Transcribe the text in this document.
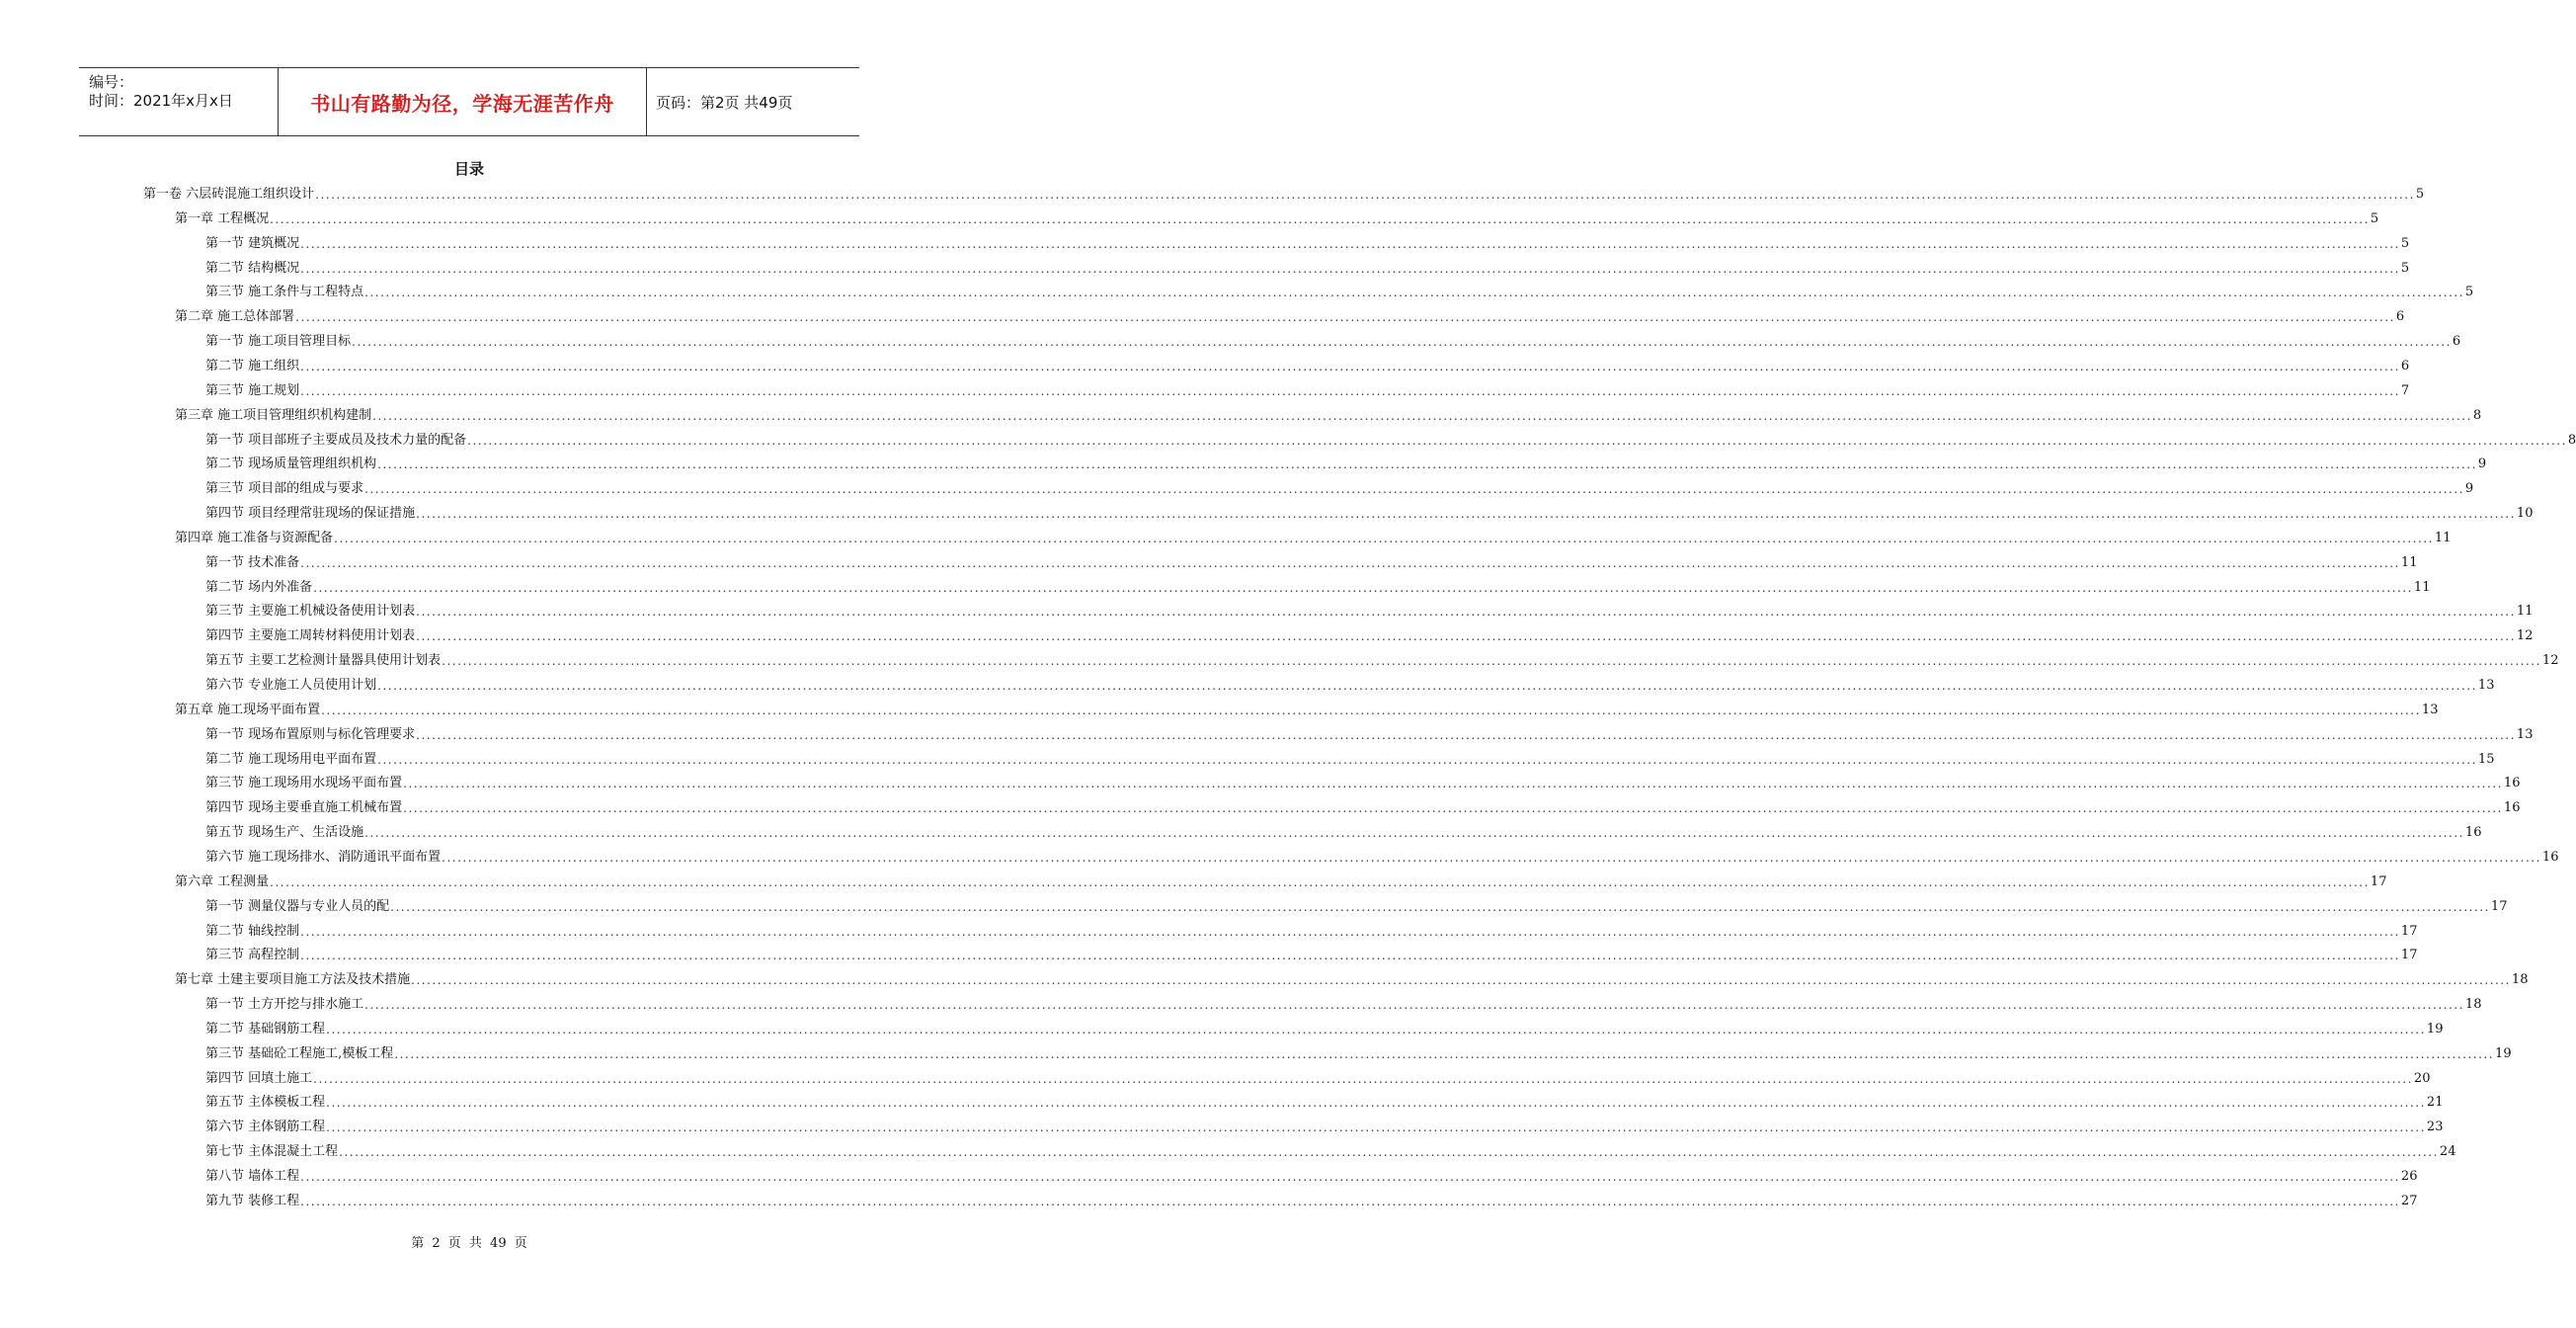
编号：
时间：2021年x月x日	书山有路勤为径，学海无涯苦作舟	页码：第2页 共49页
目录
第一卷 六层砖混施工组织设计 ................................................................................................................................................................................................................................................................................................................................................................................................................ 5
第一章 工程概况 ................................................................................................................................................................................................................................................................................................................................................................................................................ 5
第一节 建筑概况 ................................................................................................................................................................................................................................................................................................................................................................................................................ 5
第二节 结构概况 ................................................................................................................................................................................................................................................................................................................................................................................................................ 5
第三节 施工条件与工程特点 ................................................................................................................................................................................................................................................................................................................................................................................................................ 5
第二章 施工总体部署 ................................................................................................................................................................................................................................................................................................................................................................................................................ 6
第一节 施工项目管理目标 ................................................................................................................................................................................................................................................................................................................................................................................................................ 6
第二节 施工组织 ................................................................................................................................................................................................................................................................................................................................................................................................................ 6
第三节 施工规划 ................................................................................................................................................................................................................................................................................................................................................................................................................ 7
第三章 施工项目管理组织机构建制 ................................................................................................................................................................................................................................................................................................................................................................................................................ 8
第一节 项目部班子主要成员及技术力量的配备 ................................................................................................................................................................................................................................................................................................................................................................................................................ 8
第二节 现场质量管理组织机构 ................................................................................................................................................................................................................................................................................................................................................................................................................ 9
第三节 项目部的组成与要求 ................................................................................................................................................................................................................................................................................................................................................................................................................ 9
第四节 项目经理常驻现场的保证措施 ................................................................................................................................................................................................................................................................................................................................................................................................................ 10
第四章 施工准备与资源配备 ................................................................................................................................................................................................................................................................................................................................................................................................................ 11
第一节 技术准备 ................................................................................................................................................................................................................................................................................................................................................................................................................ 11
第二节 场内外准备 ................................................................................................................................................................................................................................................................................................................................................................................................................ 11
第三节 主要施工机械设备使用计划表 ................................................................................................................................................................................................................................................................................................................................................................................................................ 11
第四节 主要施工周转材料使用计划表 ................................................................................................................................................................................................................................................................................................................................................................................................................ 12
第五节 主要工艺检测计量器具使用计划表 ................................................................................................................................................................................................................................................................................................................................................................................................................ 12
第六节 专业施工人员使用计划 ................................................................................................................................................................................................................................................................................................................................................................................................................ 13
第五章 施工现场平面布置 ................................................................................................................................................................................................................................................................................................................................................................................................................ 13
第一节 现场布置原则与标化管理要求 ................................................................................................................................................................................................................................................................................................................................................................................................................ 13
第二节 施工现场用电平面布置 ................................................................................................................................................................................................................................................................................................................................................................................................................ 15
第三节 施工现场用水现场平面布置 ................................................................................................................................................................................................................................................................................................................................................................................................................ 16
第四节 现场主要垂直施工机械布置 ................................................................................................................................................................................................................................................................................................................................................................................................................ 16
第五节 现场生产、生活设施 ................................................................................................................................................................................................................................................................................................................................................................................................................ 16
第六节 施工现场排水、消防通讯平面布置 ................................................................................................................................................................................................................................................................................................................................................................................................................ 16
第六章 工程测量 ................................................................................................................................................................................................................................................................................................................................................................................................................ 17
第一节 测量仪器与专业人员的配 ................................................................................................................................................................................................................................................................................................................................................................................................................ 17
第二节 轴线控制 ................................................................................................................................................................................................................................................................................................................................................................................................................ 17
第三节 高程控制 ................................................................................................................................................................................................................................................................................................................................................................................................................ 17
第七章 土建主要项目施工方法及技术措施 ................................................................................................................................................................................................................................................................................................................................................................................................................ 18
第一节 土方开挖与排水施工 ................................................................................................................................................................................................................................................................................................................................................................................................................ 18
第二节 基础钢筋工程 ................................................................................................................................................................................................................................................................................................................................................................................................................ 19
第三节 基础砼工程施工,模板工程 ................................................................................................................................................................................................................................................................................................................................................................................................................ 19
第四节 回填土施工 ................................................................................................................................................................................................................................................................................................................................................................................................................ 20
第五节 主体模板工程 ................................................................................................................................................................................................................................................................................................................................................................................................................ 21
第六节 主体钢筋工程 ................................................................................................................................................................................................................................................................................................................................................................................................................ 23
第七节 主体混凝土工程 ................................................................................................................................................................................................................................................................................................................................................................................................................ 24
第八节 墙体工程 ................................................................................................................................................................................................................................................................................................................................................................................................................ 26
第九节 装修工程 ................................................................................................................................................................................................................................................................................................................................................................................................................ 27
第 2 页 共 49 页
